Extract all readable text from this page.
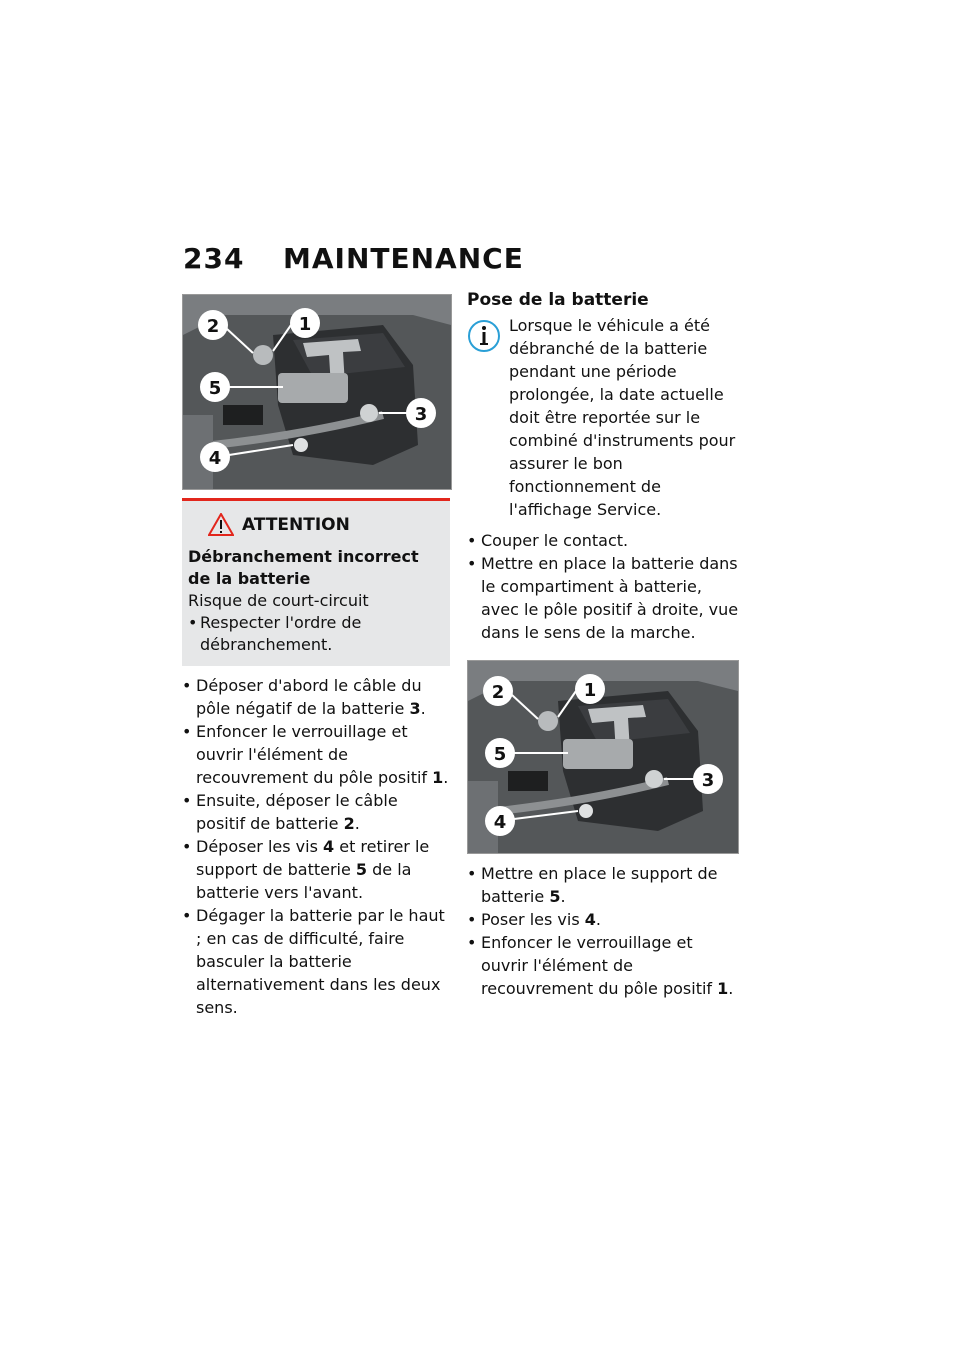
234 MAINTENANCE
2	1
5
3
4
ATTENTION
Débranchement incorrect de la batterie
Risque de court-circuit
• Respecter l'ordre de débranchement.
• Déposer d'abord le câble du pôle négatif de la batterie 3.
• Enfoncer le verrouillage et ouvrir l'élément de recouvrement du pôle positif 1.
• Ensuite, déposer le câble positif de batterie 2.
• Déposer les vis 4 et retirer le support de batterie 5 de la batterie vers l'avant.
• Dégager la batterie par le haut ; en cas de difficulté, faire basculer la batterie alternativement dans les deux sens.
Pose de la batterie

Lorsque le véhicule a été débranché de la batterie pendant une période prolongée, la date actuelle doit être reportée sur le combiné d'instruments pour assurer le bon fonctionnement de l'affichage Service.

• Couper le contact.
• Mettre en place la batterie dans le compartiment à batterie, avec le pôle positif à droite, vue dans le sens de la marche.
2	1
5
3
4
• Mettre en place le support de batterie 5.
• Poser les vis 4.
• Enfoncer le verrouillage et ouvrir l'élément de recouvrement du pôle positif 1.
